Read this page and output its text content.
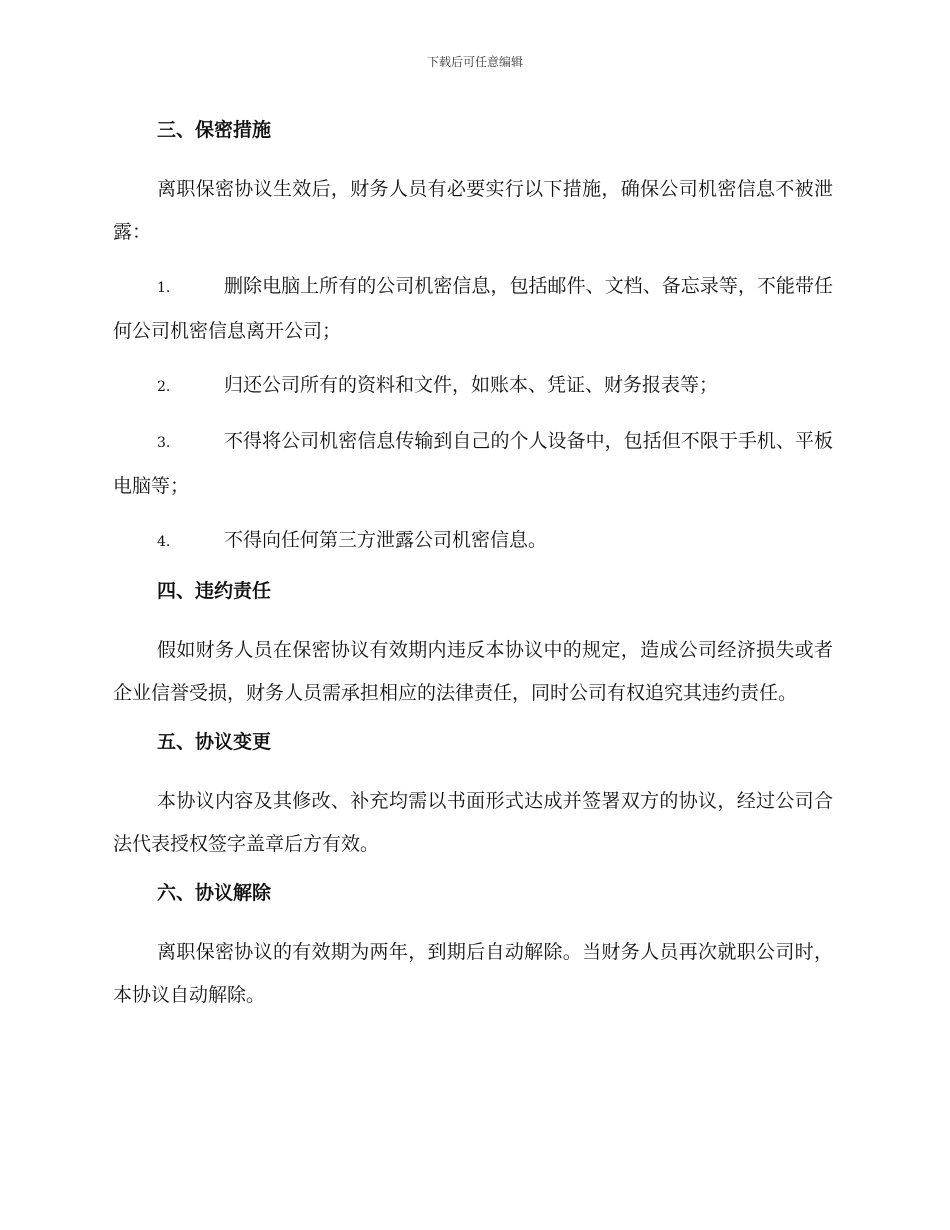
下载后可任意编辑
三、保密措施

离职保密协议生效后，财务人员有必要实行以下措施，确保公司机密信息不被泄露：

1.	删除电脑上所有的公司机密信息，包括邮件、文档、备忘录等，不能带任何公司机密信息离开公司；

2.	归还公司所有的资料和文件，如账本、凭证、财务报表等；

3.	不得将公司机密信息传输到自己的个人设备中，包括但不限于手机、平板电脑等；

4.	不得向任何第三方泄露公司机密信息。

四、违约责任

假如财务人员在保密协议有效期内违反本协议中的规定，造成公司经济损失或者企业信誉受损，财务人员需承担相应的法律责任，同时公司有权追究其违约责任。

五、协议变更

本协议内容及其修改、补充均需以书面形式达成并签署双方的协议，经过公司合法代表授权签字盖章后方有效。

六、协议解除

离职保密协议的有效期为两年，到期后自动解除。当财务人员再次就职公司时，本协议自动解除。
